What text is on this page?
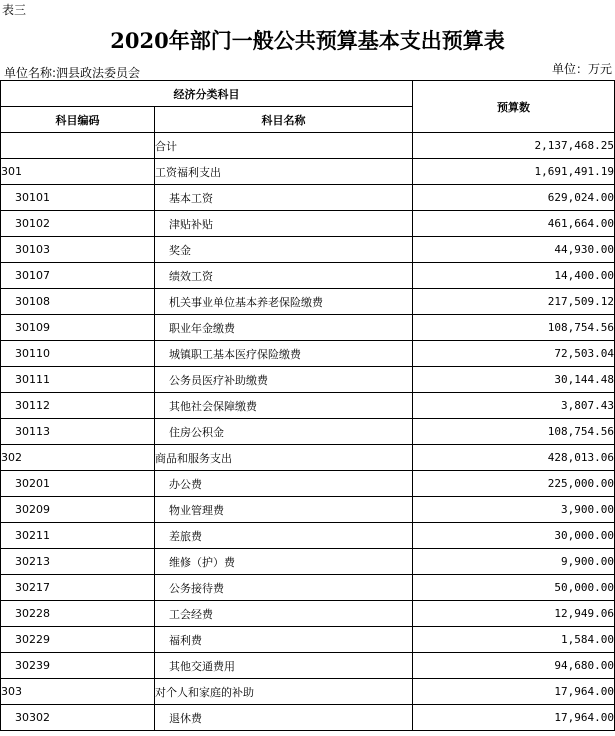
表三
2020年部门一般公共预算基本支出预算表
单位名称:泗县政法委员会	单位：万元
经济分类科目		预算数
科目编码	科目名称	
	合计	2,137,468.25
301	工资福利支出	1,691,491.19
30101	基本工资	629,024.00
30102	津贴补贴	461,664.00
30103	奖金	44,930.00
30107	绩效工资	14,400.00
30108	机关事业单位基本养老保险缴费	217,509.12
30109	职业年金缴费	108,754.56
30110	城镇职工基本医疗保险缴费	72,503.04
30111	公务员医疗补助缴费	30,144.48
30112	其他社会保障缴费	3,807.43
30113	住房公积金	108,754.56
302	商品和服务支出	428,013.06
30201	办公费	225,000.00
30209	物业管理费	3,900.00
30211	差旅费	30,000.00
30213	维修（护）费	9,900.00
30217	公务接待费	50,000.00
30228	工会经费	12,949.06
30229	福利费	1,584.00
30239	其他交通费用	94,680.00
303	对个人和家庭的补助	17,964.00
30302	退休费	17,964.00
